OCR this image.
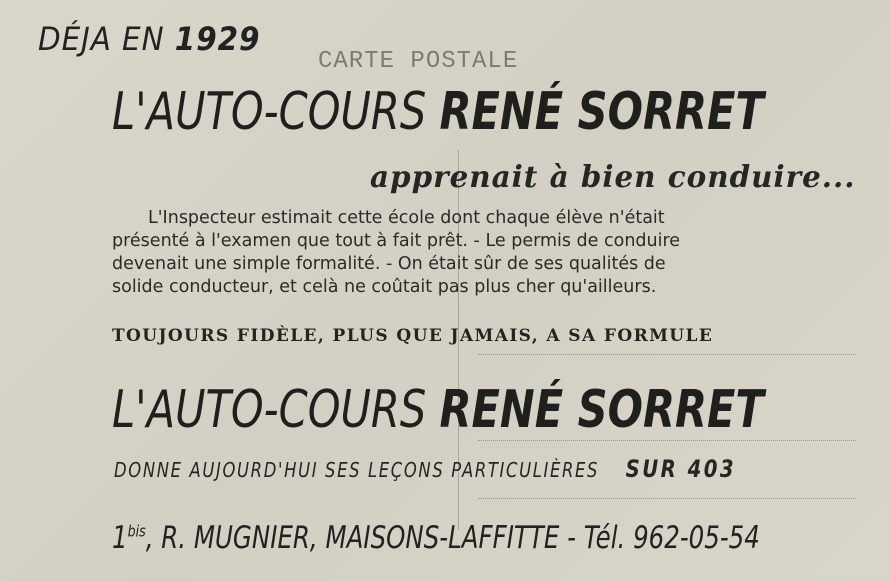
DÉJA EN 1929
CARTE POSTALE
L'AUTO-COURS RENÉ SORRET
apprenait à bien conduire...
L'Inspecteur estimait cette école dont chaque élève n'était
présenté à l'examen que tout à fait prêt. - Le permis de conduire
devenait une simple formalité. - On était sûr de ses qualités de
solide conducteur, et celà ne coûtait pas plus cher qu'ailleurs.
TOUJOURS FIDÈLE, PLUS QUE JAMAIS, A SA FORMULE
L'AUTO-COURS RENÉ SORRET
DONNE AUJOURD'HUI SES LEÇONS PARTICULIÈRES SUR 403
$1^{bis}$, R. MUGNIER, MAISONS-LAFFITTE - Tél. 962-05-54
